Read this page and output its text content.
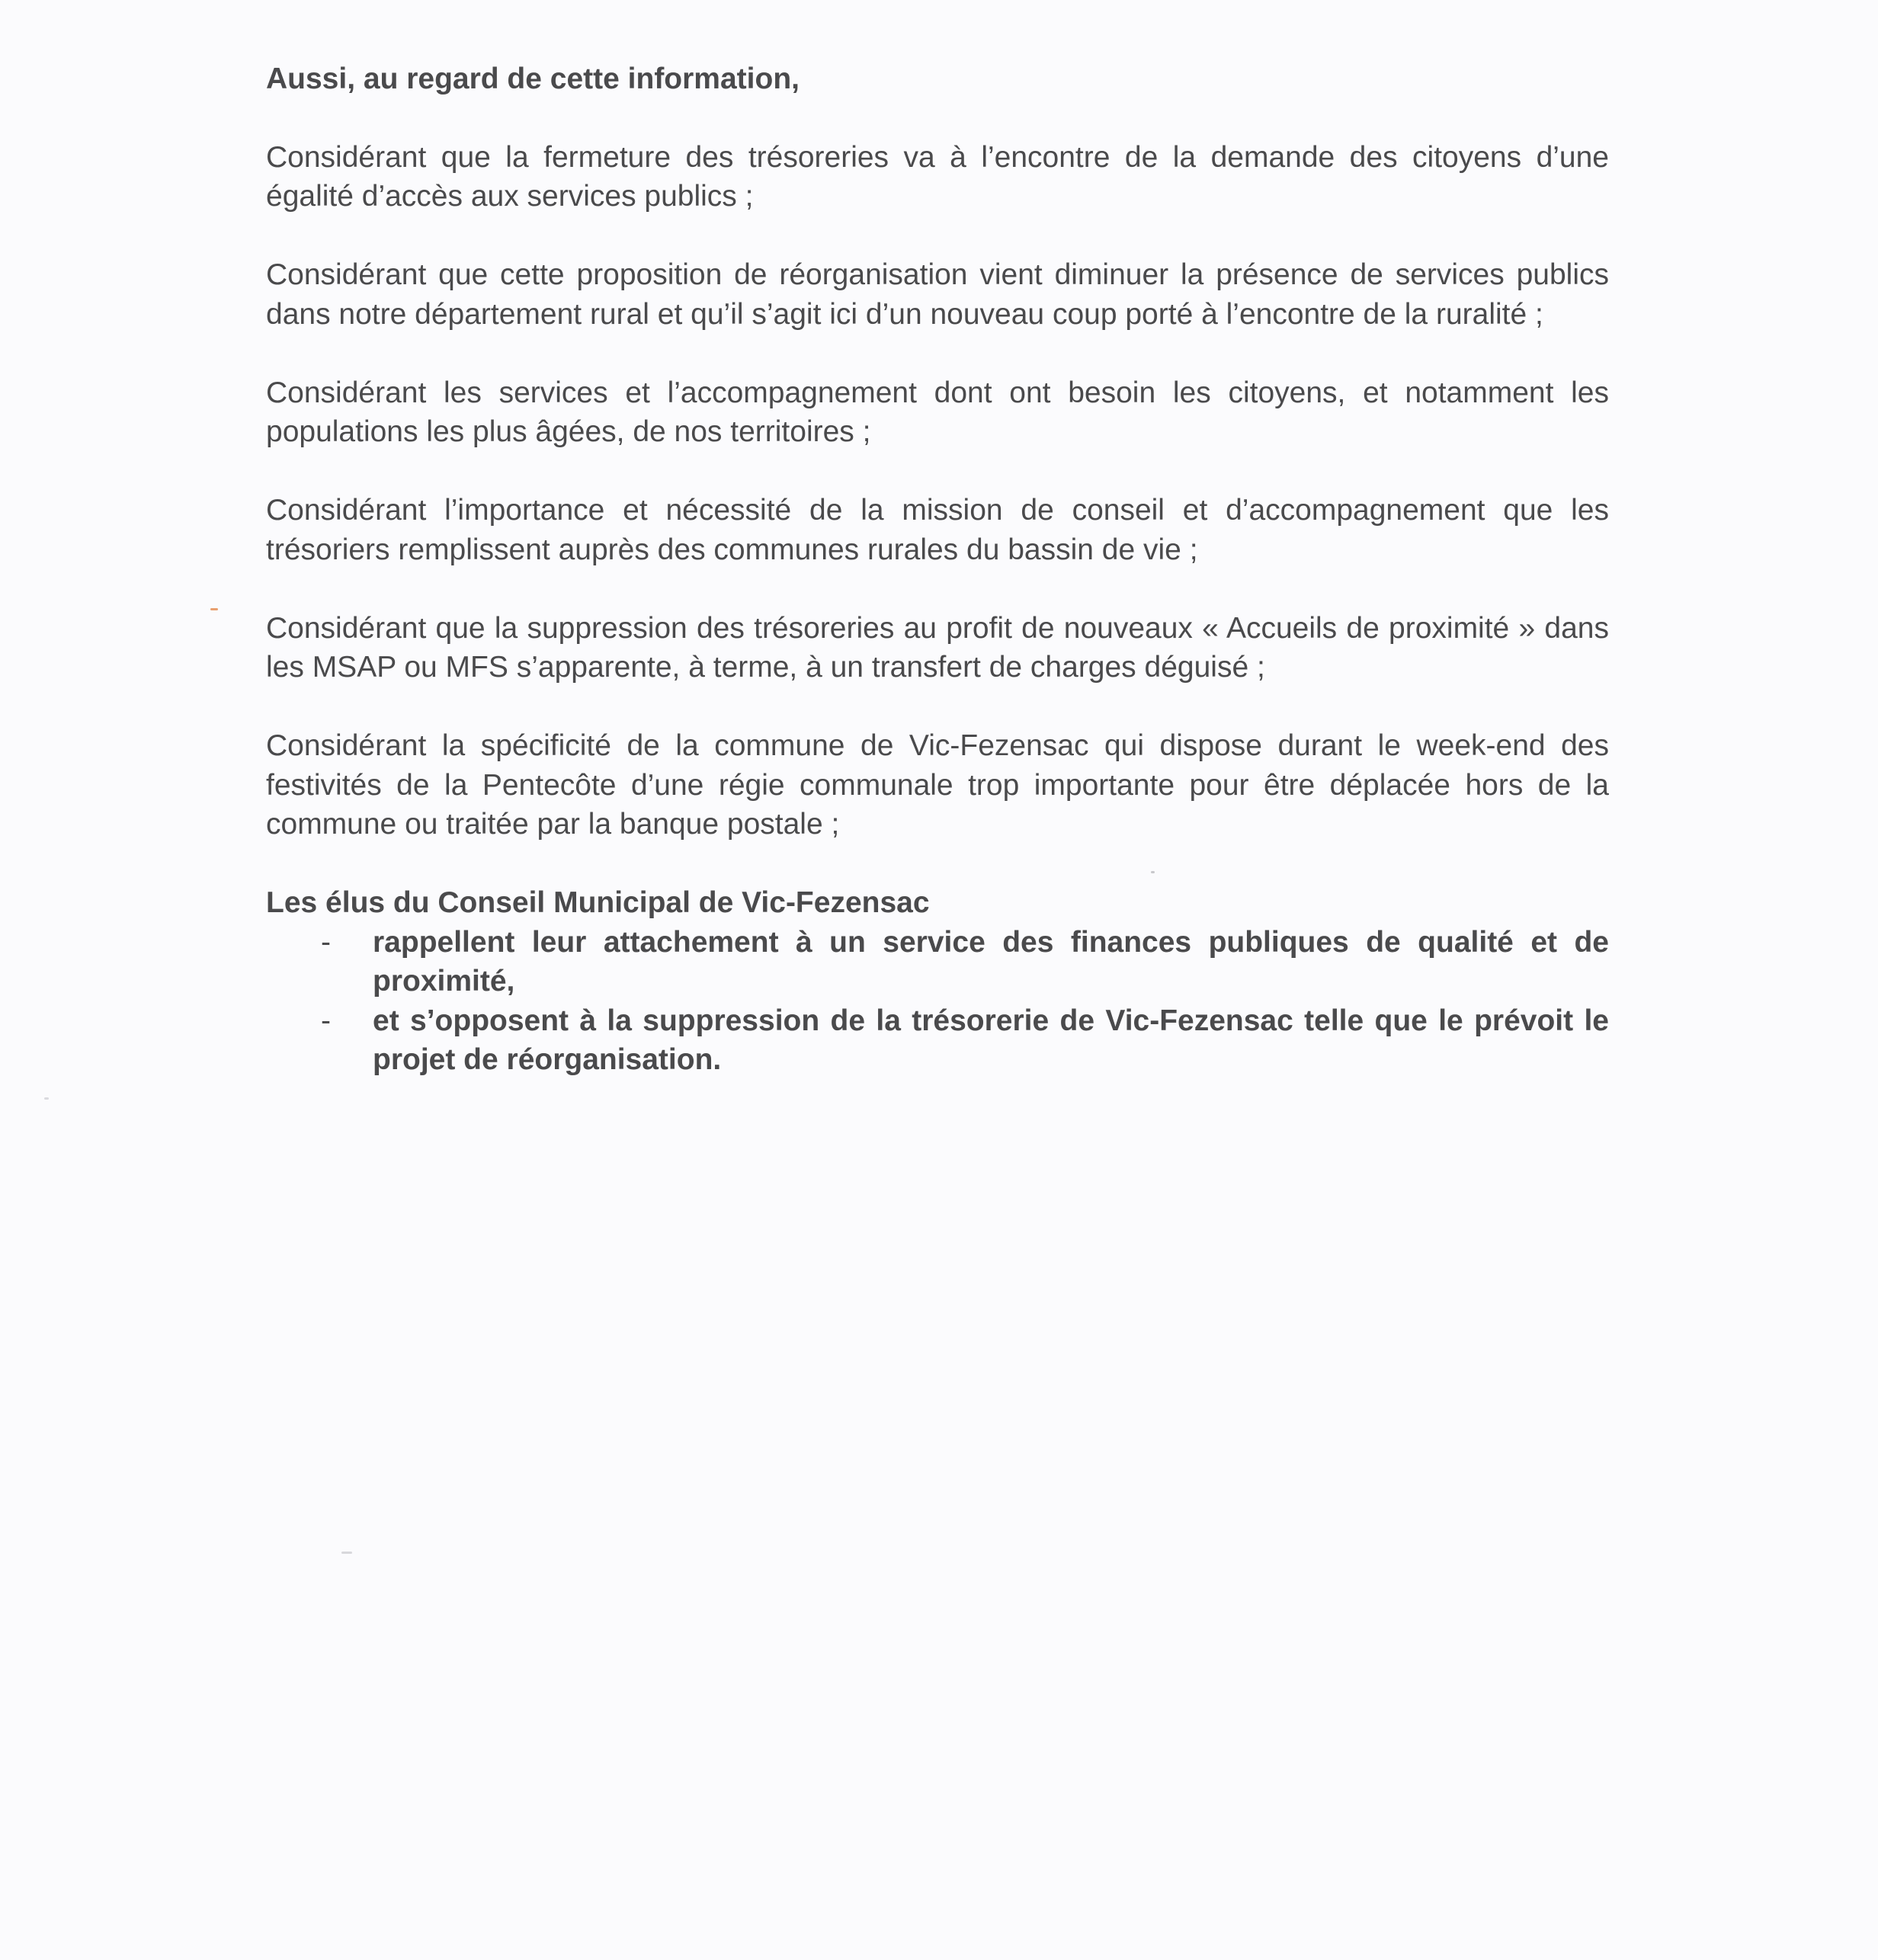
Aussi, au regard de cette information,

Considérant que la fermeture des trésoreries va à l’encontre de la demande des citoyens d’une égalité d’accès aux services publics ;

Considérant que cette proposition de réorganisation vient diminuer la présence de services publics dans notre département rural et qu’il s’agit ici d’un nouveau coup porté à l’encontre de la ruralité ;

Considérant les services et l’accompagnement dont ont besoin les citoyens, et notamment les populations les plus âgées, de nos territoires ;

Considérant l’importance et nécessité de la mission de conseil et d’accompagnement que les trésoriers remplissent auprès des communes rurales du bassin de vie ;

Considérant que la suppression des trésoreries au profit de nouveaux « Accueils de proximité » dans les MSAP ou MFS s’apparente, à terme, à un transfert de charges déguisé ;

Considérant la spécificité de la commune de Vic-Fezensac qui dispose durant le week-end des festivités de la Pentecôte d’une régie communale trop importante pour être déplacée hors de la commune ou traitée par la banque postale ;

Les élus du Conseil Municipal de Vic-Fezensac

- rappellent leur attachement à un service des finances publiques de qualité et de proximité,
- et s’opposent à la suppression de la trésorerie de Vic-Fezensac telle que le prévoit le projet de réorganisation.
